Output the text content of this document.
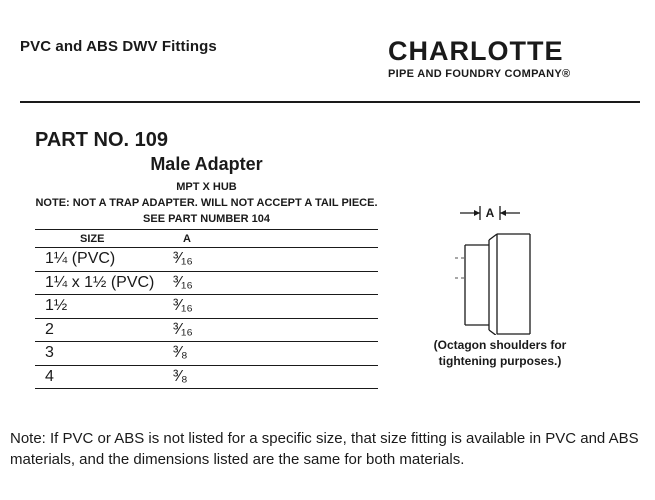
PVC and ABS DWV Fittings	CHARLOTTE
PIPE AND FOUNDRY COMPANY®
PART NO. 109
Male Adapter
MPT X HUB
NOTE: NOT A TRAP ADAPTER. WILL NOT ACCEPT A TAIL PIECE.
SEE PART NUMBER 104
SIZE	A
1¼ (PVC)	³⁄₁₆
1¼ x 1½ (PVC) ³⁄₁₆
1½	³⁄₁₆
2	³⁄₁₆
3	³⁄₈
4	³⁄₈
A
(Octagon shoulders for
tightening purposes.)
Note: If PVC or ABS is not listed for a specific size, that size fitting is available in PVC and ABS materials, and the dimensions listed are the same for both materials.
